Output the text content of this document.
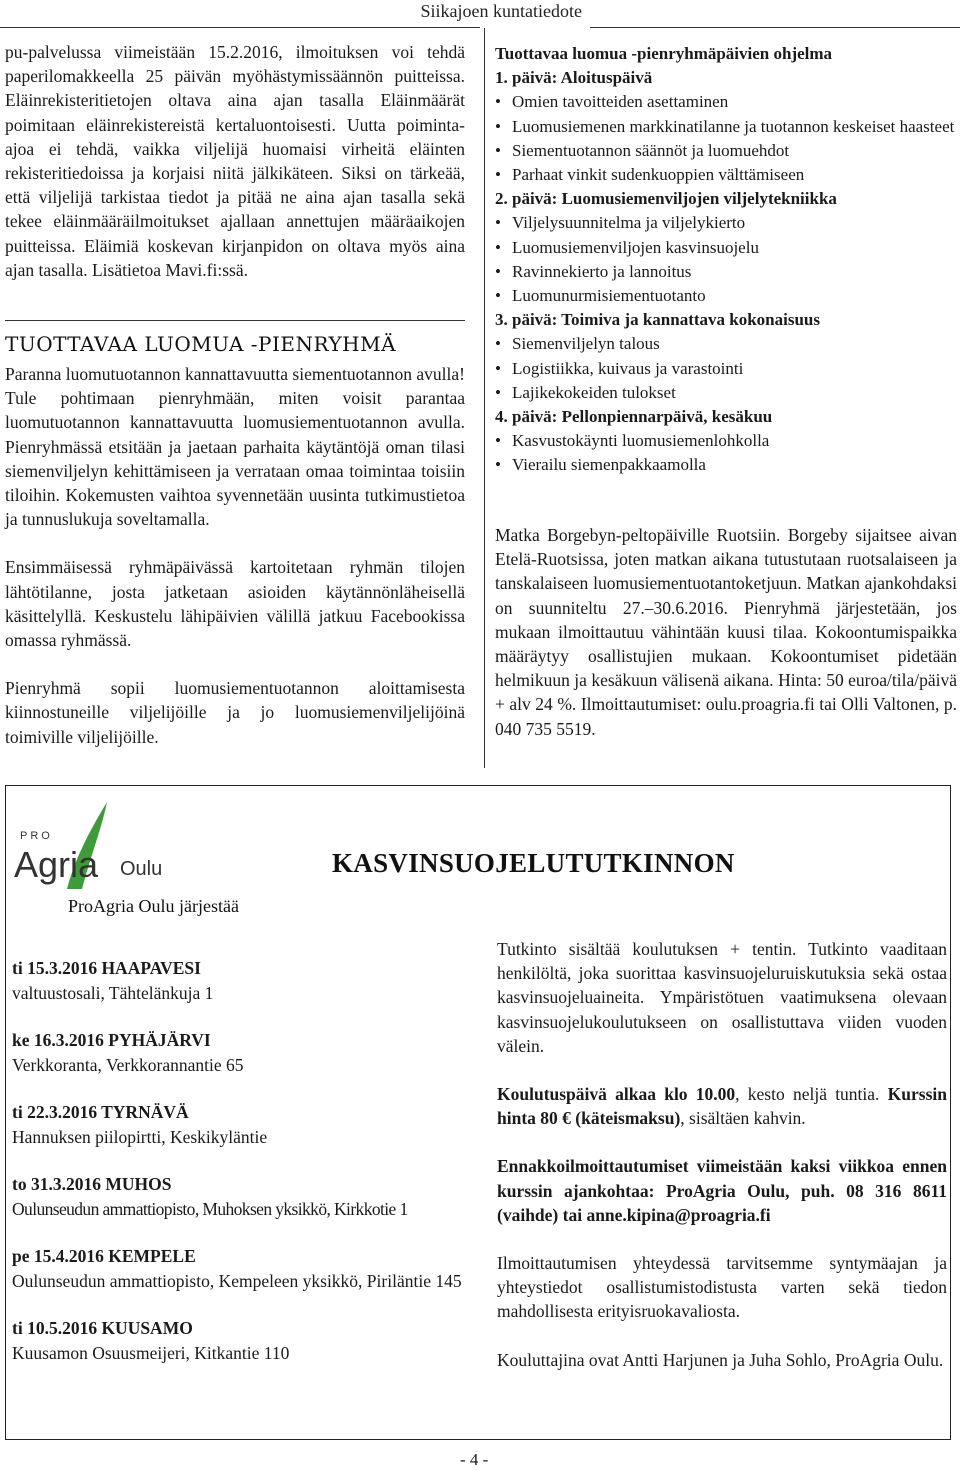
Siikajoen kuntatiedote

pu-palvelussa viimeistään 15.2.2016, ilmoituksen voi tehdä paperilomakkeella 25 päivän myöhästymissäännön puitteissa. Eläinrekisteritietojen oltava aina ajan tasalla Eläinmäärät poimitaan eläinrekistereistä kertaluontoisesti. Uutta poiminta-ajoa ei tehdä, vaikka viljelijä huomaisi virheitä eläinten rekisteritiedoissa ja korjaisi niitä jälkikäteen. Siksi on tärkeää, että viljelijä tarkistaa tiedot ja pitää ne aina ajan tasalla sekä tekee eläinmääräilmoitukset ajallaan annettujen määräaikojen puitteissa. Eläimiä koskevan kirjanpidon on oltava myös aina ajan tasalla. Lisätietoa Mavi.fi:ssä.

TUOTTAVAA LUOMUA -PIENRYHMÄ

Paranna luomutuotannon kannattavuutta siementuotannon avulla! Tule pohtimaan pienryhmään, miten voisit parantaa luomutuotannon kannattavuutta luomusiementuotannon avulla. Pienryhmässä etsitään ja jaetaan parhaita käytäntöjä oman tilasi siemenviljelyn kehittämiseen ja verrataan omaa toimintaa toisiin tiloihin. Kokemusten vaihtoa syvennetään uusinta tutkimustietoa ja tunnuslukuja soveltamalla.

Ensimmäisessä ryhmäpäivässä kartoitetaan ryhmän tilojen lähtötilanne, josta jatketaan asioiden käytännönläheisellä käsittelyllä. Keskustelu lähipäivien välillä jatkuu Facebookissa omassa ryhmässä.

Pienryhmä sopii luomusiementuotannon aloittamisesta kiinnostuneille viljelijöille ja jo luomusiemenviljelijöinä toimiville viljelijöille.

Tuottavaa luomua -pienryhmäpäivien ohjelma
1. päivä: Aloituspäivä
• Omien tavoitteiden asettaminen
• Luomusiemenen markkinatilanne ja tuotannon keskeiset haasteet
• Siementuotannon säännöt ja luomuehdot
• Parhaat vinkit sudenkuoppien välttämiseen
2. päivä: Luomusiemenviljojen viljelytekniikka
• Viljelysuunnitelma ja viljelykierto
• Luomusiemenviljojen kasvinsuojelu
• Ravinnekierto ja lannoitus
• Luomunurmisiementuotanto
3. päivä: Toimiva ja kannattava kokonaisuus
• Siemenviljelyn talous
• Logistiikka, kuivaus ja varastointi
• Lajikekokeiden tulokset
4. päivä: Pellonpiennarpäivä, kesäkuu
• Kasvustokäynti luomusiemenlohkolla
• Vierailu siemenpakkaamolla

Matka Borgebyn-peltopäiville Ruotsiin. Borgeby sijaitsee aivan Etelä-Ruotsissa, joten matkan aikana tutustutaan ruotsalaiseen ja tanskalaiseen luomusiementuotantoketjuun. Matkan ajankohdaksi on suunniteltu 27.–30.6.2016. Pienryhmä järjestetään, jos mukaan ilmoittautuu vähintään kuusi tilaa. Kokoontumispaikka määräytyy osallistujien mukaan. Kokoontumiset pidetään helmikuun ja kesäkuun välisenä aikana. Hinta: 50 euroa/tila/päivä + alv 24 %. Ilmoittautumiset: oulu.proagria.fi tai Olli Valtonen, p. 040 735 5519.

PRO
Agria Oulu	KASVINSUOJELUTUTKINNON
ProAgria Oulu järjestää
ti 15.3.2016 HAAPAVESI
valtuustosali, Tähtelänkuja 1
ke 16.3.2016 PYHÄJÄRVI
Verkkoranta, Verkkorannantie 65
ti 22.3.2016 TYRNÄVÄ
Hannuksen piilopirtti, Keskikyläntie
to 31.3.2016 MUHOS
Oulunseudun ammattiopisto, Muhoksen yksikkö, Kirkkotie 1
pe 15.4.2016 KEMPELE
Oulunseudun ammattiopisto, Kempeleen yksikkö, Piriläntie 145
ti 10.5.2016 KUUSAMO
Kuusamon Osuusmeijeri, Kitkantie 110

Tutkinto sisältää koulutuksen + tentin. Tutkinto vaaditaan henkilöltä, joka suorittaa kasvinsuojeluruiskutuksia sekä ostaa kasvinsuojeluaineita. Ympäristötuen vaatimuksena olevaan kasvinsuojelukoulutukseen on osallistuttava viiden vuoden välein.

Koulutuspäivä alkaa klo 10.00, kesto neljä tuntia. Kurssin hinta 80 € (käteismaksu), sisältäen kahvin.

Ennakkoilmoittautumiset viimeistään kaksi viikkoa ennen kurssin ajankohtaa: ProAgria Oulu, puh. 08 316 8611 (vaihde) tai anne.kipina@proagria.fi

Ilmoittautumisen yhteydessä tarvitsemme syntymäajan ja yhteystiedot osallistumistodistusta varten sekä tiedon mahdollisesta erityisruokavaliosta.

Kouluttajina ovat Antti Harjunen ja Juha Sohlo, ProAgria Oulu.

- 4 -
